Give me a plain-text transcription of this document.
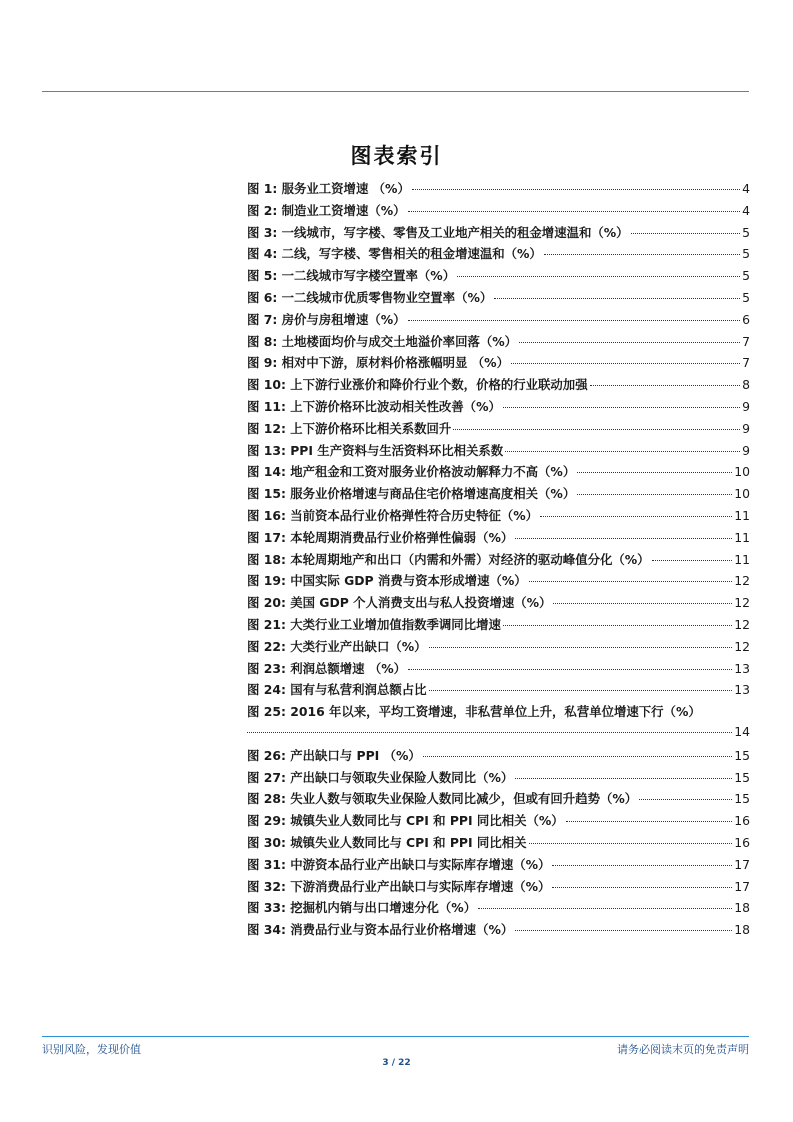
图表索引
图 1: 服务业工资增速 （%）	4
图 2: 制造业工资增速（%）	4
图 3: 一线城市，写字楼、零售及工业地产相关的租金增速温和（%）	5
图 4: 二线，写字楼、零售相关的租金增速温和（%）	5
图 5: 一二线城市写字楼空置率（%）	5
图 6: 一二线城市优质零售物业空置率（%）	5
图 7: 房价与房租增速（%）	6
图 8: 土地楼面均价与成交土地溢价率回落（%）	7
图 9: 相对中下游，原材料价格涨幅明显 （%）	7
图 10: 上下游行业涨价和降价行业个数，价格的行业联动加强	8
图 11: 上下游价格环比波动相关性改善（%）	9
图 12: 上下游价格环比相关系数回升	9
图 13: PPI 生产资料与生活资料环比相关系数	9
图 14: 地产租金和工资对服务业价格波动解释力不高（%）	10
图 15: 服务业价格增速与商品住宅价格增速高度相关（%）	10
图 16: 当前资本品行业价格弹性符合历史特征（%）	11
图 17: 本轮周期消费品行业价格弹性偏弱（%）	11
图 18: 本轮周期地产和出口（内需和外需）对经济的驱动峰值分化（%）	11
图 19: 中国实际 GDP 消费与资本形成增速（%）	12
图 20: 美国 GDP 个人消费支出与私人投资增速（%）	12
图 21: 大类行业工业增加值指数季调同比增速	12
图 22: 大类行业产出缺口（%）	12
图 23: 利润总额增速 （%）	13
图 24: 国有与私营利润总额占比	13
图 25: 2016 年以来，平均工资增速，非私营单位上升，私营单位增速下行（%）
14
图 26: 产出缺口与 PPI （%）	15
图 27: 产出缺口与领取失业保险人数同比（%）	15
图 28: 失业人数与领取失业保险人数同比减少，但或有回升趋势（%）	15
图 29: 城镇失业人数同比与 CPI 和 PPI 同比相关（%）	16
图 30: 城镇失业人数同比与 CPI 和 PPI 同比相关	16
图 31: 中游资本品行业产出缺口与实际库存增速（%）	17
图 32: 下游消费品行业产出缺口与实际库存增速（%）	17
图 33: 挖掘机内销与出口增速分化（%）	18
图 34: 消费品行业与资本品行业价格增速（%）	18
识别风险，发现价值	请务必阅读末页的免责声明
3 / 22
